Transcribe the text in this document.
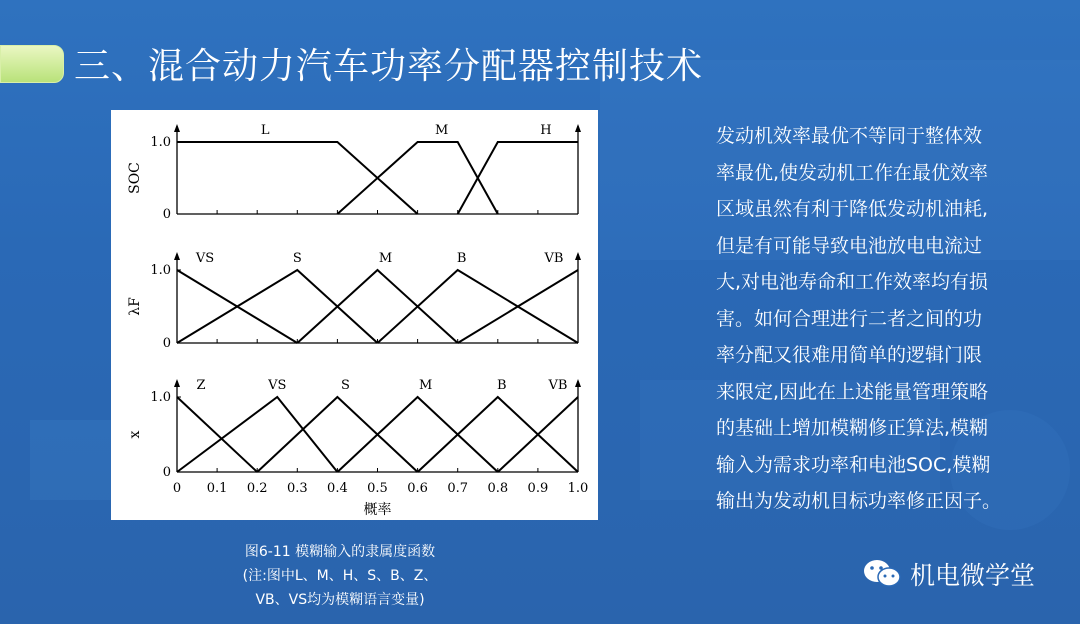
三、混合动力汽车功率分配器控制技术
1.0
0
SOC
L	M	H
1.0
0
λF
VS	S	M	B	VB
1.0
0
x
Z	VS	S	M	B	VB
0 0.1 0.2 0.3 0.4 0.5 0.6 0.7 0.8 0.9 1.0
概率
图6-11 模糊输入的隶属度函数
(注:图中L、M、H、S、B、Z、
VB、VS均为模糊语言变量)
发动机效率最优不等同于整体效
率最优,使发动机工作在最优效率
区域虽然有利于降低发动机油耗,
但是有可能导致电池放电电流过
大,对电池寿命和工作效率均有损
害。如何合理进行二者之间的功
率分配又很难用简单的逻辑门限
来限定,因此在上述能量管理策略
的基础上增加模糊修正算法,模糊
输入为需求功率和电池SOC,模糊
输出为发动机目标功率修正因子。
机电微学堂
